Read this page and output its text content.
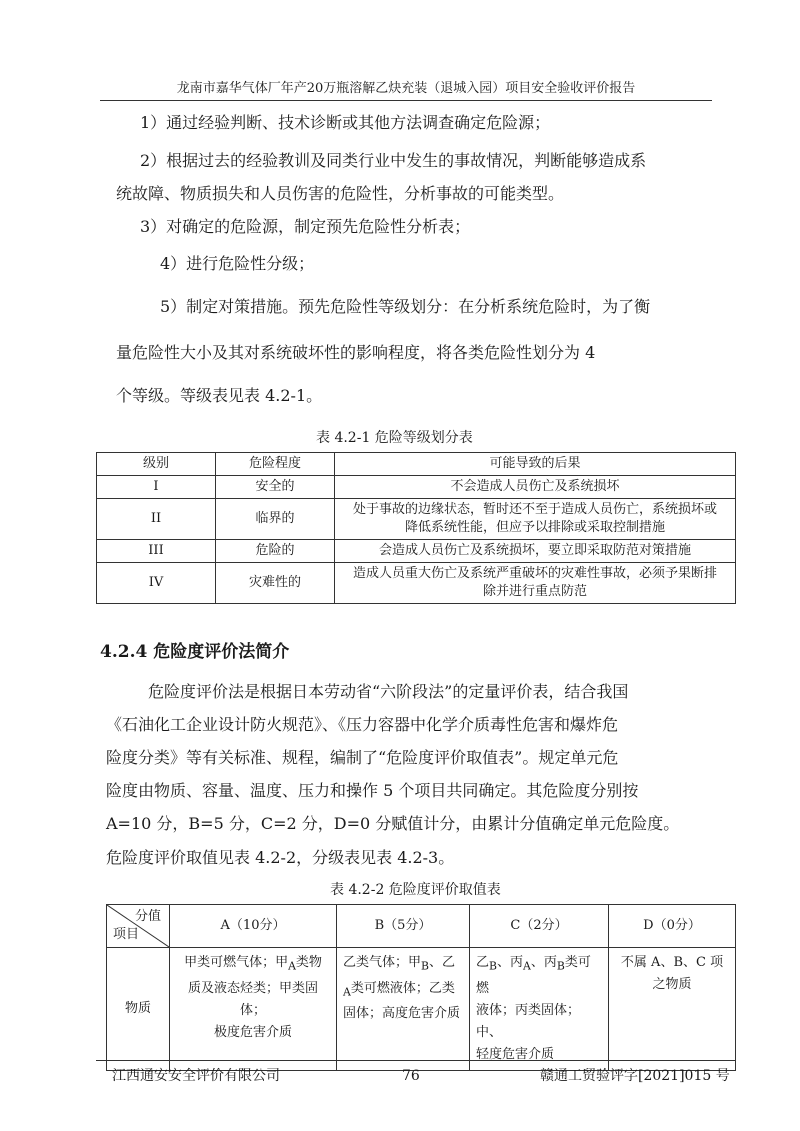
龙南市嘉华气体厂年产20万瓶溶解乙炔充装（退城入园）项目安全验收评价报告
1）通过经验判断、技术诊断或其他方法调查确定危险源；
2）根据过去的经验教训及同类行业中发生的事故情况，判断能够造成系
统故障、物质损失和人员伤害的危险性，分析事故的可能类型。
3）对确定的危险源，制定预先危险性分析表；
4）进行危险性分级；
5）制定对策措施。预先危险性等级划分：在分析系统危险时，为了衡
量危险性大小及其对系统破坏性的影响程度，将各类危险性划分为 4
个等级。等级表见表 4.2-1。
表 4.2-1 危险等级划分表
级别	危险程度	可能导致的后果
I	安全的	不会造成人员伤亡及系统损坏
II	临界的	处于事故的边缘状态，暂时还不至于造成人员伤亡，系统损坏或
降低系统性能，但应予以排除或采取控制措施
III	危险的	会造成人员伤亡及系统损坏，要立即采取防范对策措施
IV	灾难性的	造成人员重大伤亡及系统严重破坏的灾难性事故，必须予果断排
除并进行重点防范
4.2.4 危险度评价法简介
危险度评价法是根据日本劳动省“六阶段法”的定量评价表，结合我国
《石油化工企业设计防火规范》、《压力容器中化学介质毒性危害和爆炸危
险度分类》等有关标准、规程，编制了“危险度评价取值表”。规定单元危
险度由物质、容量、温度、压力和操作 5 个项目共同确定。其危险度分别按
A=10 分，B=5 分，C=2 分，D=0 分赋值计分，由累计分值确定单元危险度。
危险度评价取值见表 4.2-2，分级表见表 4.2-3。
表 4.2-2 危险度评价取值表
分值
项目	A（10分）	B（5分）	C（2分）	D（0分）
物质	甲类可燃气体；甲$_A$类物
质及液态烃类；甲类固体；
极度危害介质	乙类气体；甲$_B$、乙
$_A$类可燃液体；乙类
固体；高度危害介质	乙$_B$、丙$_A$、丙$_B$类可燃
液体；丙类固体；中、
轻度危害介质	不属 A、B、C 项
之物质
江西通安安全评价有限公司	76	赣通工贸验评字[2021]015 号
